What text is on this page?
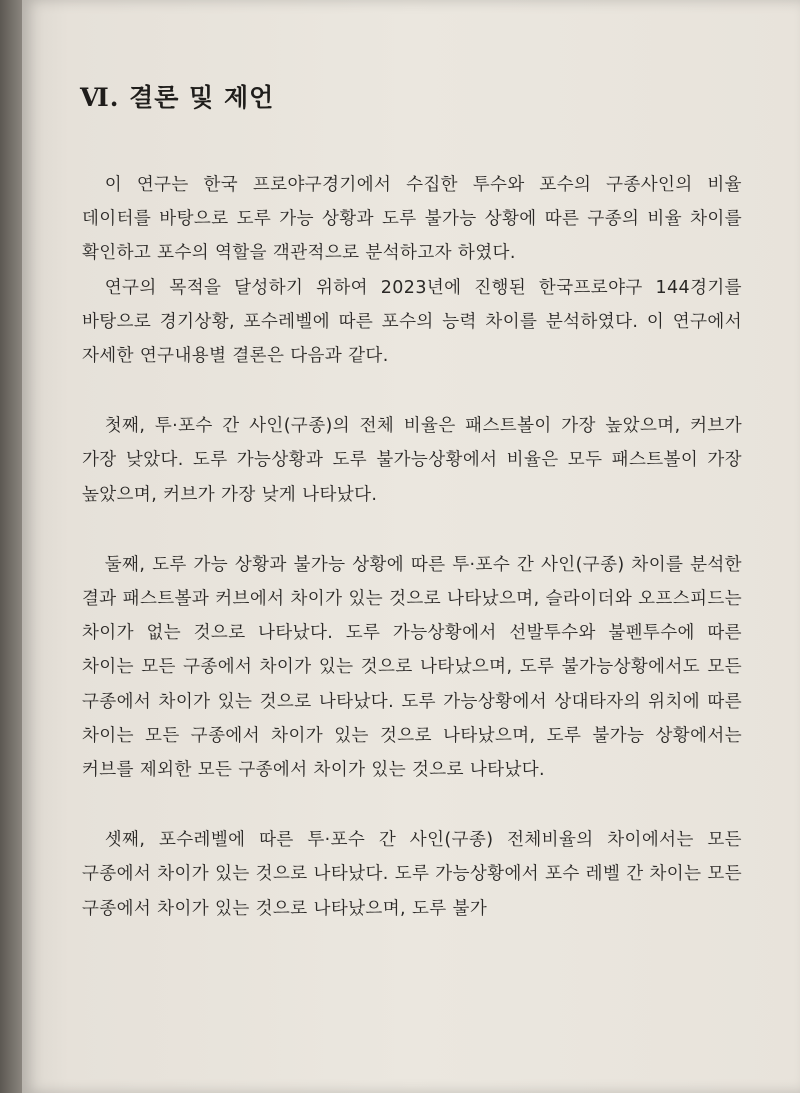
Ⅵ. 결론 및 제언

이 연구는 한국 프로야구경기에서 수집한 투수와 포수의 구종사인의 비율 데이터를 바탕으로 도루 가능 상황과 도루 불가능 상황에 따른 구종의 비율 차이를 확인하고 포수의 역할을 객관적으로 분석하고자 하였다.

연구의 목적을 달성하기 위하여 2023년에 진행된 한국프로야구 144경기를 바탕으로 경기상황, 포수레벨에 따른 포수의 능력 차이를 분석하였다. 이 연구에서 자세한 연구내용별 결론은 다음과 같다.

첫째, 투·포수 간 사인(구종)의 전체 비율은 패스트볼이 가장 높았으며, 커브가 가장 낮았다. 도루 가능상황과 도루 불가능상황에서 비율은 모두 패스트볼이 가장 높았으며, 커브가 가장 낮게 나타났다.

둘째, 도루 가능 상황과 불가능 상황에 따른 투·포수 간 사인(구종) 차이를 분석한 결과 패스트볼과 커브에서 차이가 있는 것으로 나타났으며, 슬라이더와 오프스피드는 차이가 없는 것으로 나타났다. 도루 가능상황에서 선발투수와 불펜투수에 따른 차이는 모든 구종에서 차이가 있는 것으로 나타났으며, 도루 불가능상황에서도 모든 구종에서 차이가 있는 것으로 나타났다. 도루 가능상황에서 상대타자의 위치에 따른 차이는 모든 구종에서 차이가 있는 것으로 나타났으며, 도루 불가능 상황에서는 커브를 제외한 모든 구종에서 차이가 있는 것으로 나타났다.

셋째, 포수레벨에 따른 투·포수 간 사인(구종) 전체비율의 차이에서는 모든 구종에서 차이가 있는 것으로 나타났다. 도루 가능상황에서 포수 레벨 간 차이는 모든 구종에서 차이가 있는 것으로 나타났으며, 도루 불가
